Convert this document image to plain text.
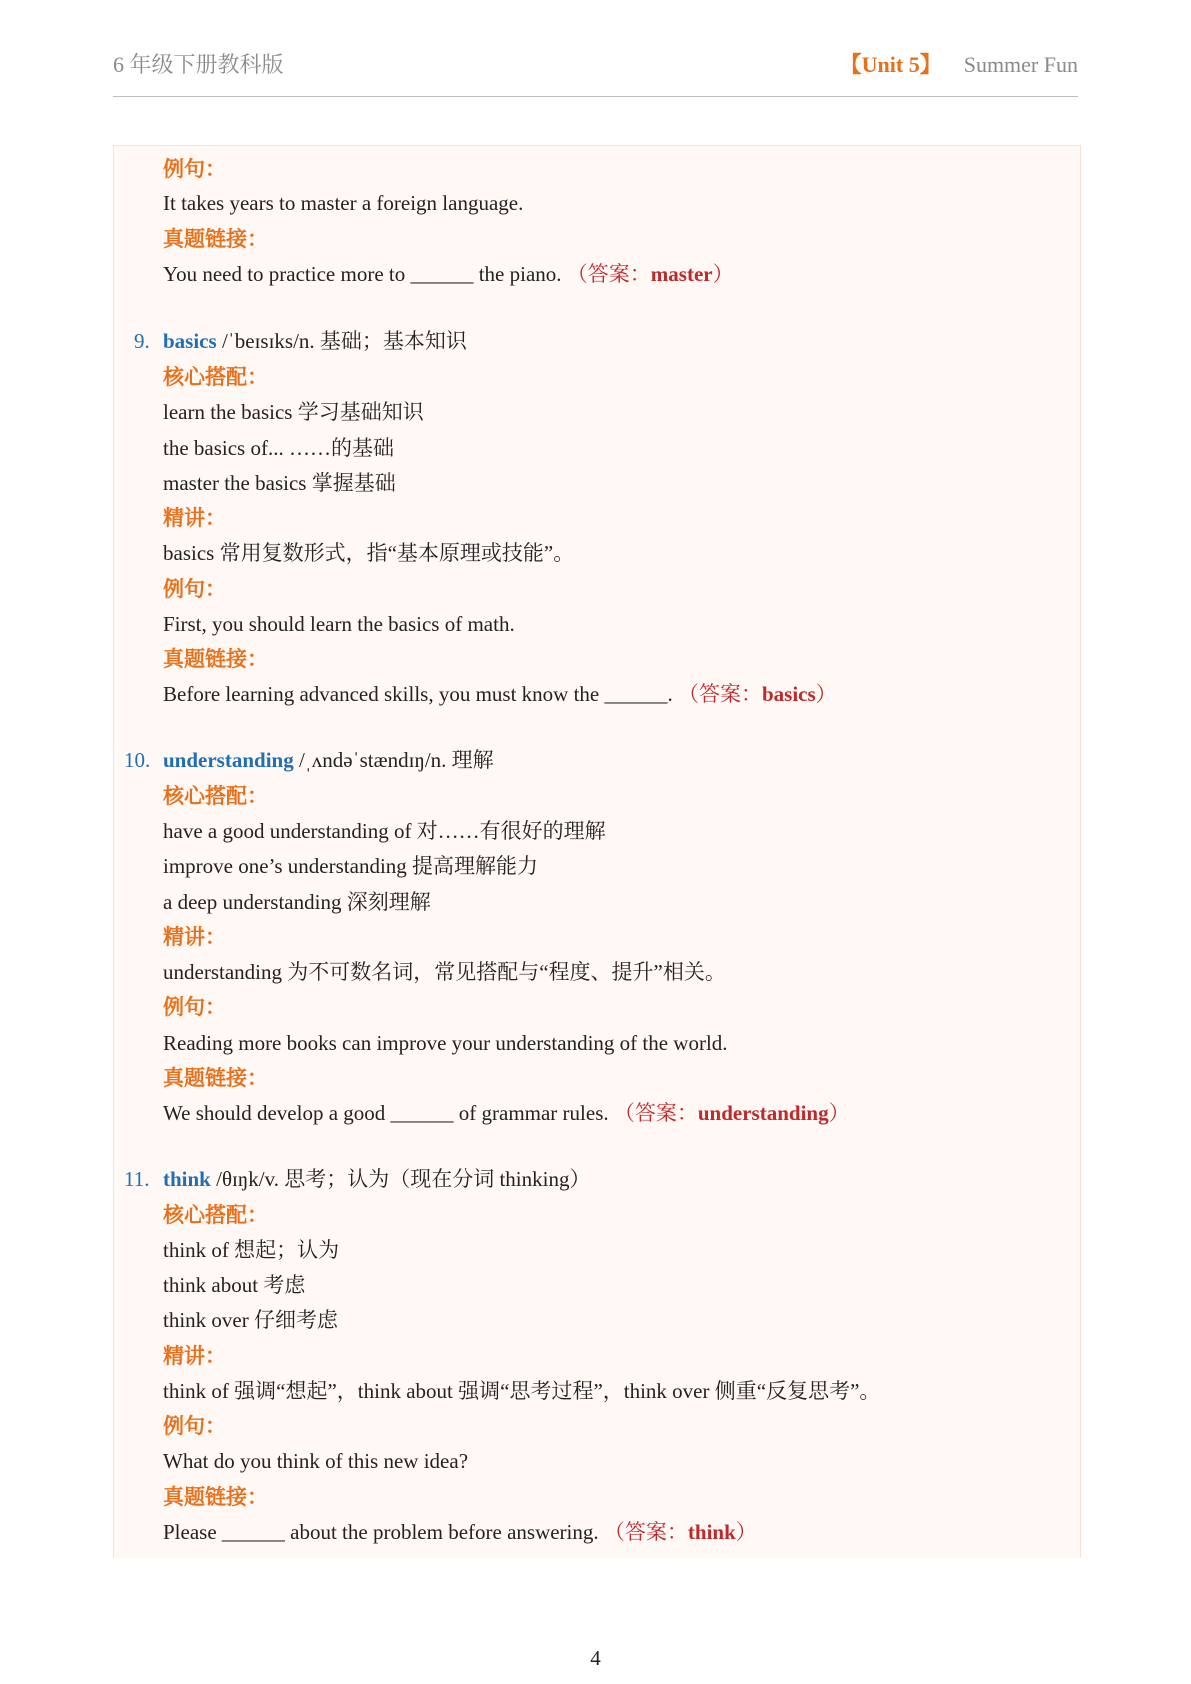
6 年级下册教科版	【Unit 5】 Summer Fun
例句：
It takes years to master a foreign language.
真题链接：
You need to practice more to ______ the piano. （答案：master）
9. basics /ˈbeɪsɪks/n. 基础；基本知识
核心搭配：
learn the basics 学习基础知识
the basics of... ……的基础
master the basics 掌握基础
精讲：
basics 常用复数形式，指“基本原理或技能”。
例句：
First, you should learn the basics of math.
真题链接：
Before learning advanced skills, you must know the ______. （答案：basics）
10. understanding /ˌʌndəˈstændɪŋ/n. 理解
核心搭配：
have a good understanding of 对……有很好的理解
improve one’s understanding 提高理解能力
a deep understanding 深刻理解
精讲：
understanding 为不可数名词，常见搭配与“程度、提升”相关。
例句：
Reading more books can improve your understanding of the world.
真题链接：
We should develop a good ______ of grammar rules. （答案：understanding）
11. think /θɪŋk/v. 思考；认为（现在分词 thinking）
核心搭配：
think of 想起；认为
think about 考虑
think over 仔细考虑
精讲：
think of 强调“想起”，think about 强调“思考过程”，think over 侧重“反复思考”。
例句：
What do you think of this new idea?
真题链接：
Please ______ about the problem before answering. （答案：think）
4
